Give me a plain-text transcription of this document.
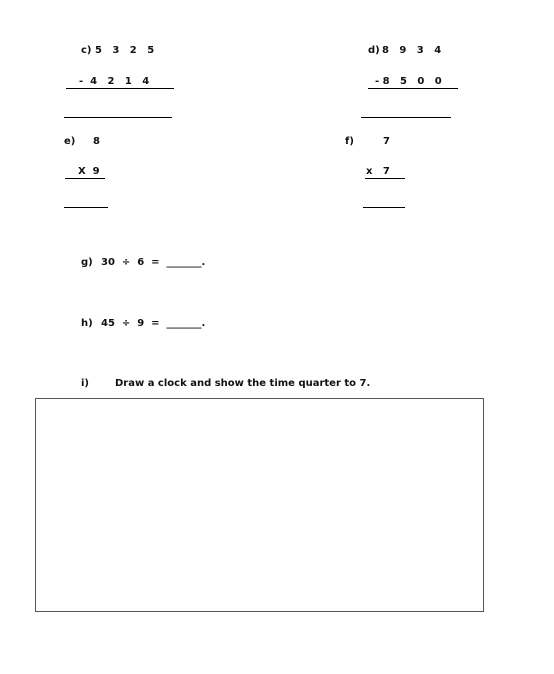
c) 5   3   2   5
-  4   2   1   4
d) 8   9   3   4
- 8   5   0   0
e) 8
X  9
f)	7
x   7
g) 30  ÷  6  =  _______.
h) 45  ÷  9  =  _______.
i)	Draw a clock and show the time quarter to 7.
